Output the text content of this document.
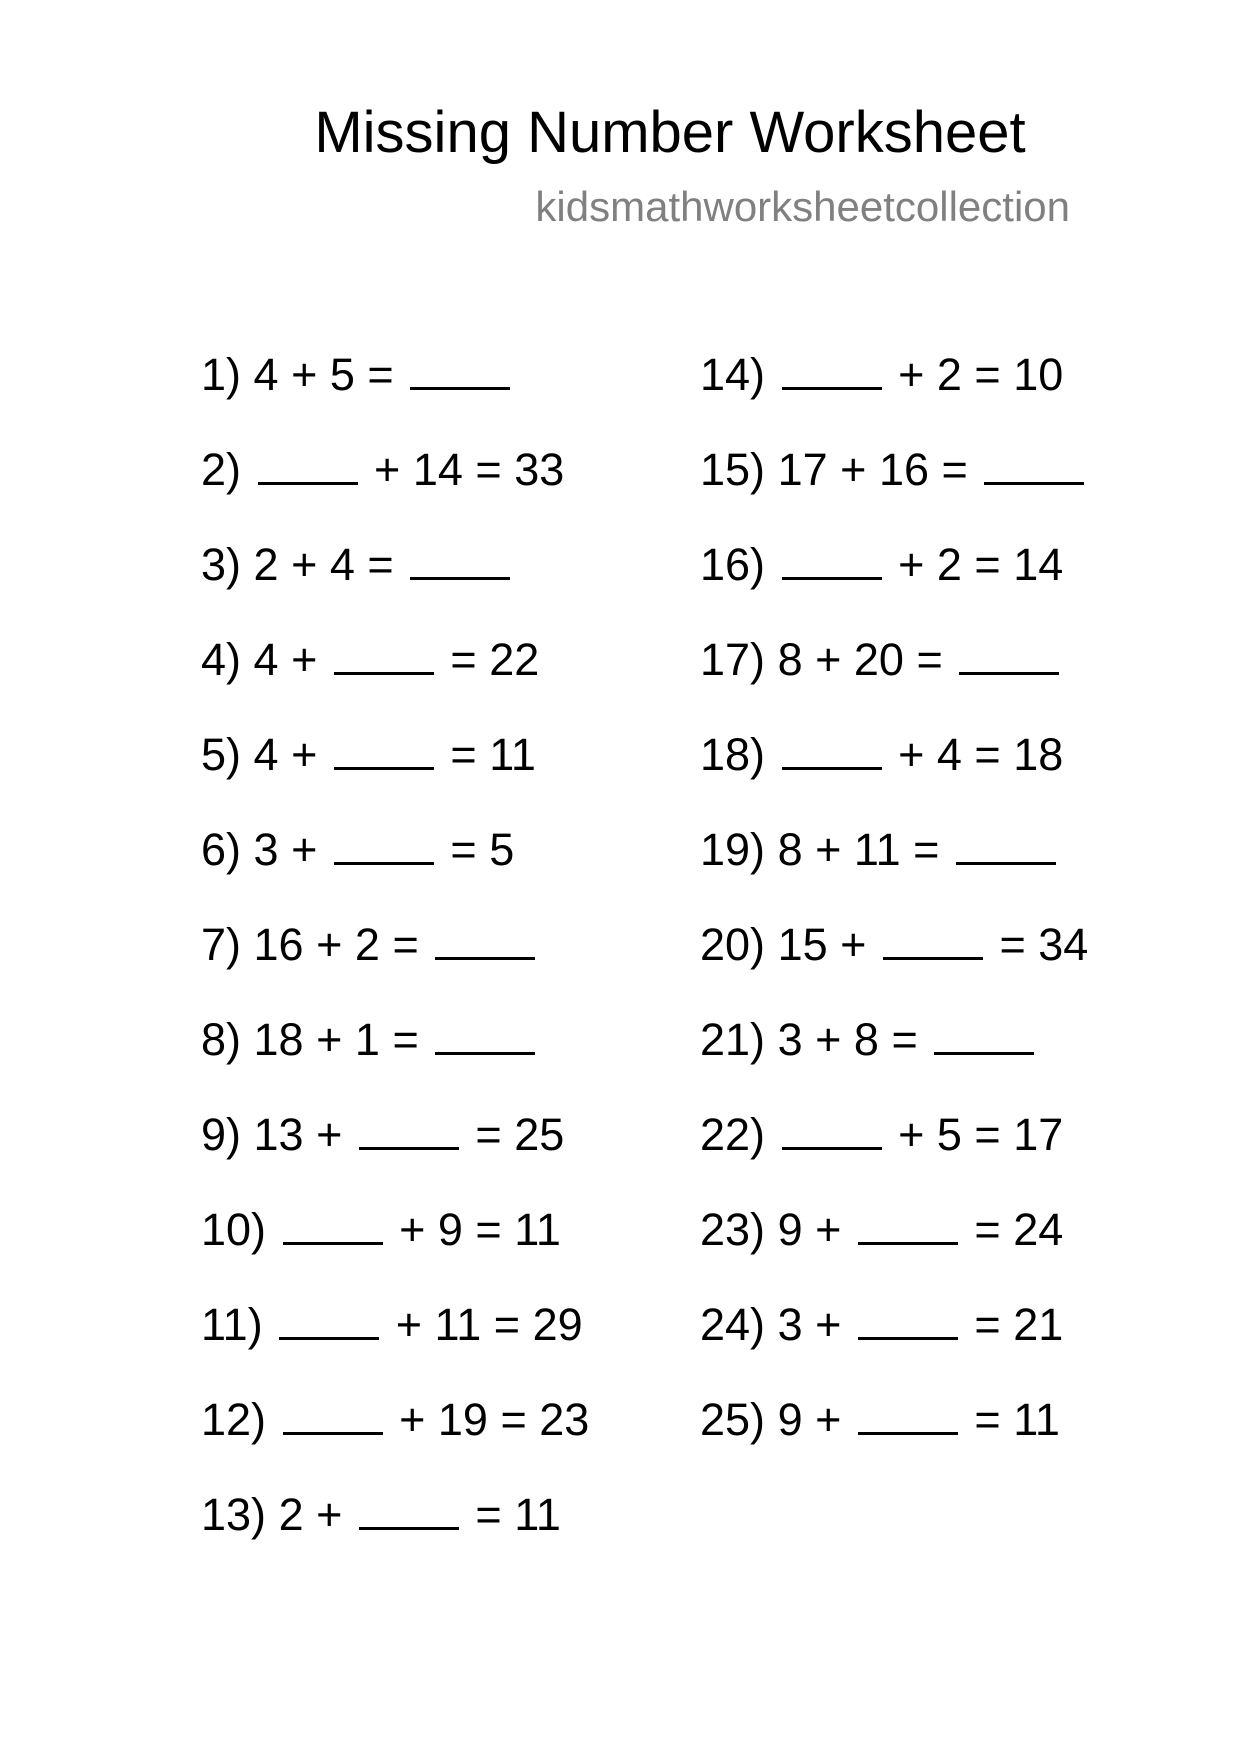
Missing Number Worksheet
kidsmathworksheetcollection
1) 4 + 5 =
2)	+ 14 = 33
3) 2 + 4 =
4) 4 +	= 22
5) 4 +	= 11
6) 3 +	= 5
7) 16 + 2 =
8) 18 + 1 =
9) 13 +	= 25
10)	+ 9 = 11
11)	+ 11 = 29
12)	+ 19 = 23
13) 2 +	= 11
14)	+ 2 = 10
15) 17 + 16 =
16)	+ 2 = 14
17) 8 + 20 =
18)	+ 4 = 18
19) 8 + 11 =
20) 15 +	= 34
21) 3 + 8 =
22)	+ 5 = 17
23) 9 +	= 24
24) 3 +	= 21
25) 9 +	= 11
